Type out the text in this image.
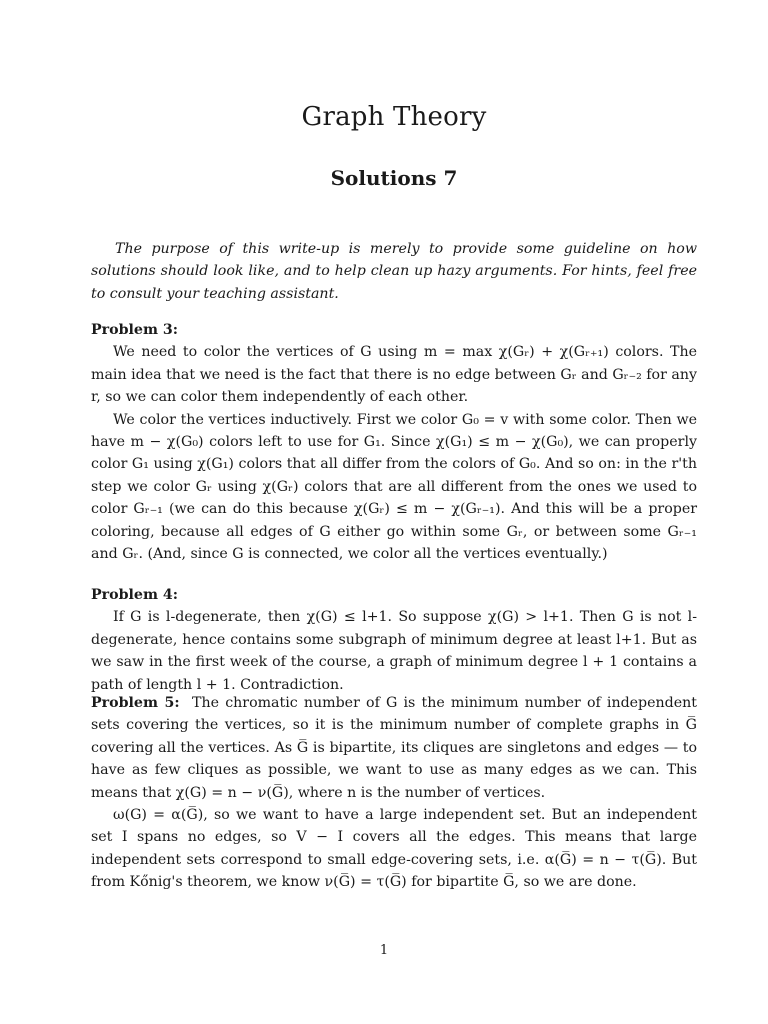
Graph Theory
Solutions 7

The purpose of this write-up is merely to provide some guideline on how solutions should look like, and to help clean up hazy arguments. For hints, feel free to consult your teaching assistant.

Problem 3:

We need to color the vertices of G using m = max χ(Gᵣ) + χ(Gᵣ₊₁) colors. The main idea that we need is the fact that there is no edge between Gᵣ and Gᵣ₋₂ for any r, so we can color them independently of each other.

We color the vertices inductively. First we color G₀ = v with some color. Then we have m − χ(G₀) colors left to use for G₁. Since χ(G₁) ≤ m − χ(G₀), we can properly color G₁ using χ(G₁) colors that all differ from the colors of G₀. And so on: in the r'th step we color Gᵣ using χ(Gᵣ) colors that are all different from the ones we used to color Gᵣ₋₁ (we can do this because χ(Gᵣ) ≤ m − χ(Gᵣ₋₁). And this will be a proper coloring, because all edges of G either go within some Gᵣ, or between some Gᵣ₋₁ and Gᵣ. (And, since G is connected, we color all the vertices eventually.)

Problem 4:

If G is l-degenerate, then χ(G) ≤ l+1. So suppose χ(G) > l+1. Then G is not l-degenerate, hence contains some subgraph of minimum degree at least l+1. But as we saw in the first week of the course, a graph of minimum degree l + 1 contains a path of length l + 1. Contradiction.

Problem 5: The chromatic number of G is the minimum number of independent sets covering the vertices, so it is the minimum number of complete graphs in G̅ covering all the vertices. As G̅ is bipartite, its cliques are singletons and edges — to have as few cliques as possible, we want to use as many edges as we can. This means that χ(G) = n − ν(G̅), where n is the number of vertices.

ω(G) = α(G̅), so we want to have a large independent set. But an independent set I spans no edges, so V − I covers all the edges. This means that large independent sets correspond to small edge-covering sets, i.e. α(G̅) = n − τ(G̅). But from Kőnig's theorem, we know ν(G̅) = τ(G̅) for bipartite G̅, so we are done.

1
